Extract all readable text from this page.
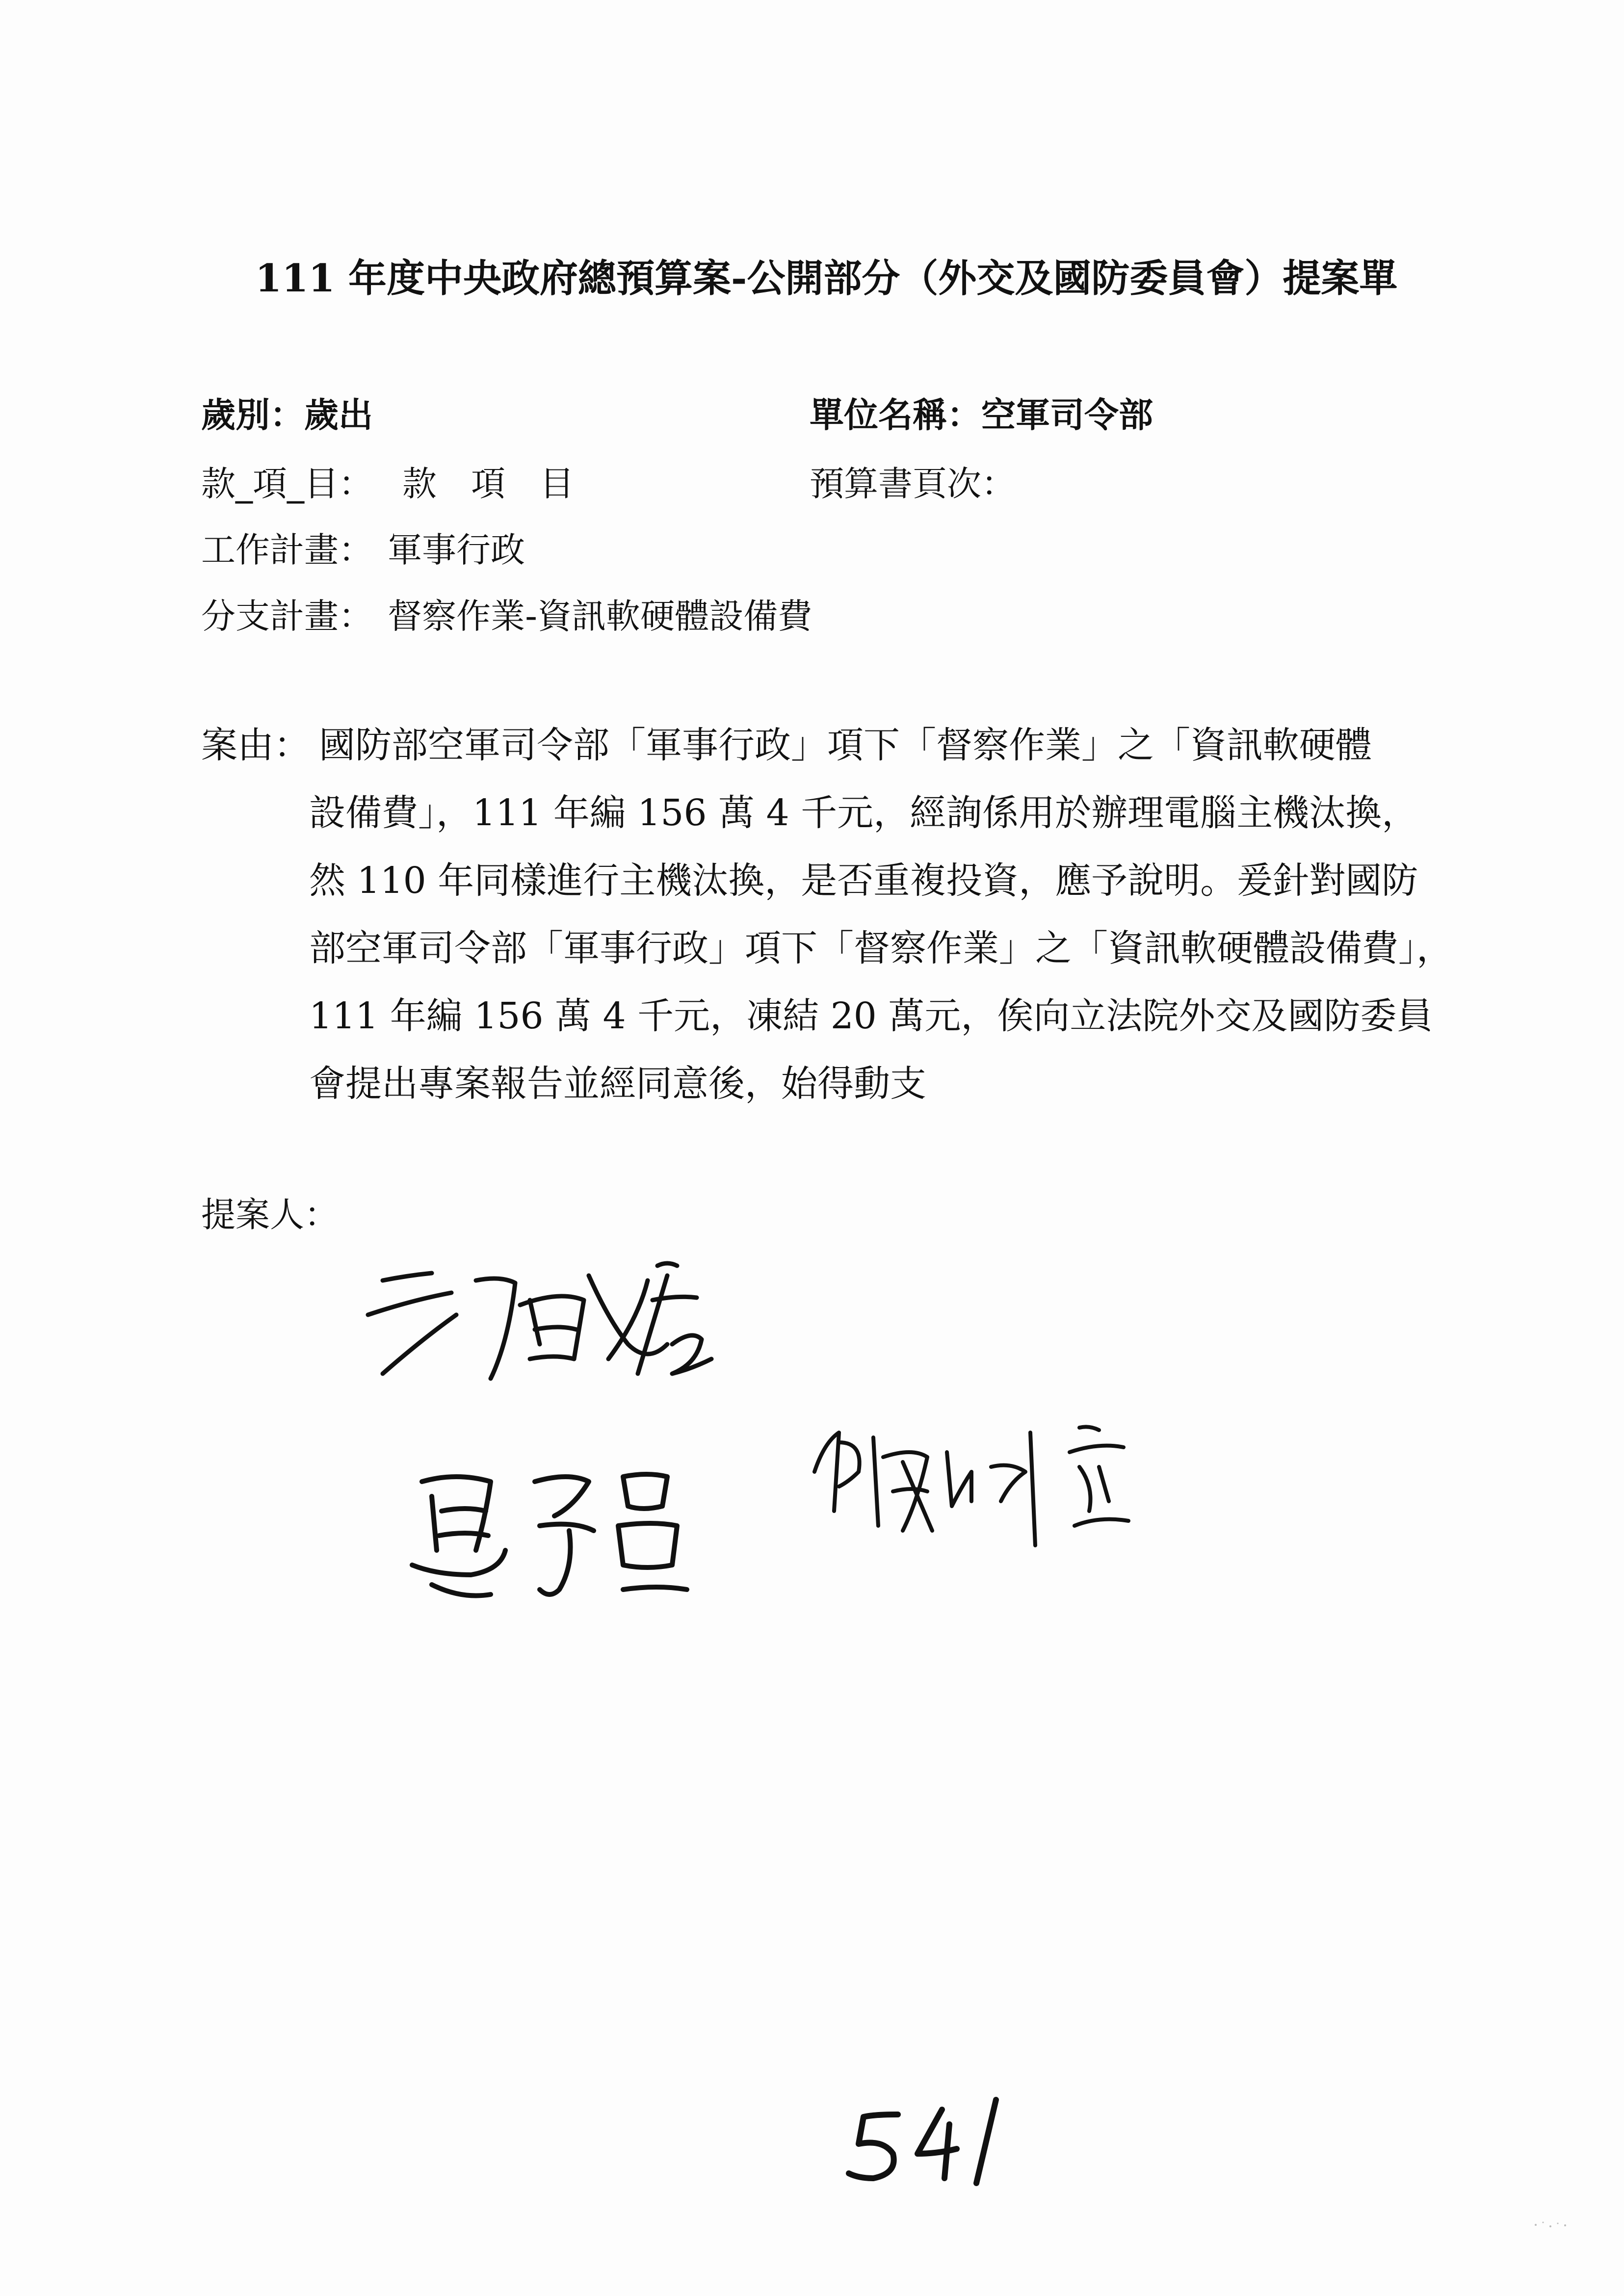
111 年度中央政府總預算案-公開部分（外交及國防委員會）提案單
歲別：歲出	單位名稱：空軍司令部
款_項_目： 款　項　目	預算書頁次：
工作計畫： 軍事行政
分支計畫： 督察作業-資訊軟硬體設備費
案由： 國防部空軍司令部「軍事行政」項下「督察作業」之「資訊軟硬體
設備費」，111 年編 156 萬 4 千元，經詢係用於辦理電腦主機汰換，
然 110 年同樣進行主機汰換，是否重複投資，應予說明。爰針對國防
部空軍司令部「軍事行政」項下「督察作業」之「資訊軟硬體設備費」，
111 年編 156 萬 4 千元，凍結 20 萬元，俟向立法院外交及國防委員
會提出專案報告並經同意後，始得動支
提案人：
541
